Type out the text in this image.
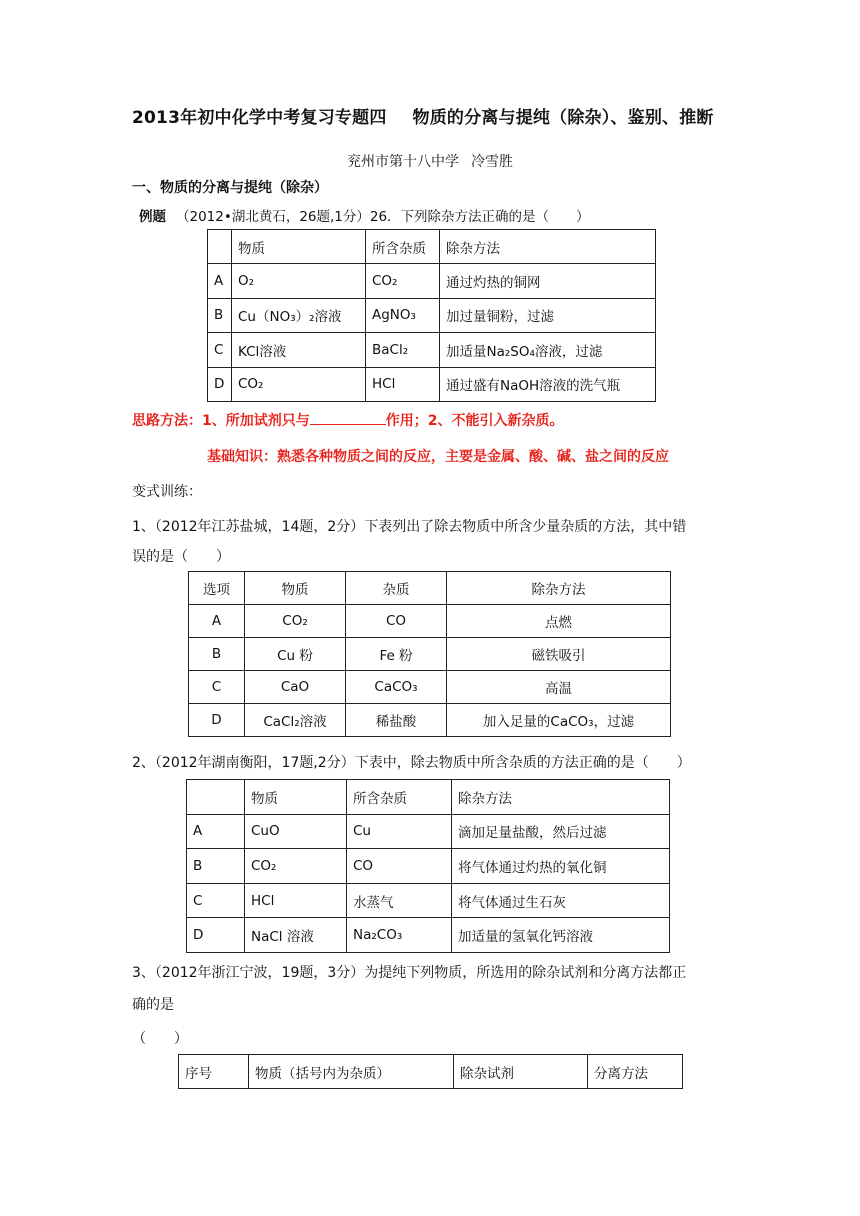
2013年初中化学中考复习专题四 物质的分离与提纯（除杂）、鉴别、推断
兖州市第十八中学 冷雪胜
一、物质的分离与提纯（除杂）
例题 （2012•湖北黄石，26题,1分）26．下列除杂方法正确的是（　　）
	物质	所含杂质	除杂方法
A	O₂	CO₂	通过灼热的铜网
B	Cu（NO₃）₂溶液	AgNO₃	加过量铜粉，过滤
C	KCl溶液	BaCl₂	加适量Na₂SO₄溶液，过滤
D	CO₂	HCl	通过盛有NaOH溶液的洗气瓶
思路方法：1、所加试剂只与	作用；2、不能引入新杂质。
基础知识：熟悉各种物质之间的反应，主要是金属、酸、碱、盐之间的反应
变式训练：
1、（2012年江苏盐城，14题，2分）下表列出了除去物质中所含少量杂质的方法，其中错
误的是（　　）
选项	物质	杂质	除杂方法
A	CO₂	CO	点燃
B	Cu 粉	Fe 粉	磁铁吸引
C	CaO	CaCO₃	高温
D	CaCl₂溶液	稀盐酸	加入足量的CaCO₃，过滤
2、（2012年湖南衡阳，17题,2分）下表中，除去物质中所含杂质的方法正确的是（　　）
	物质	所含杂质	除杂方法
A	CuO	Cu	滴加足量盐酸，然后过滤
B	CO₂	CO	将气体通过灼热的氧化铜
C	HCl	水蒸气	将气体通过生石灰
D	NaCl 溶液	Na₂CO₃	加适量的氢氧化钙溶液
3、（2012年浙江宁波，19题，3分）为提纯下列物质，所选用的除杂试剂和分离方法都正
确的是
（　　）
序号	物质（括号内为杂质）	除杂试剂	分离方法
